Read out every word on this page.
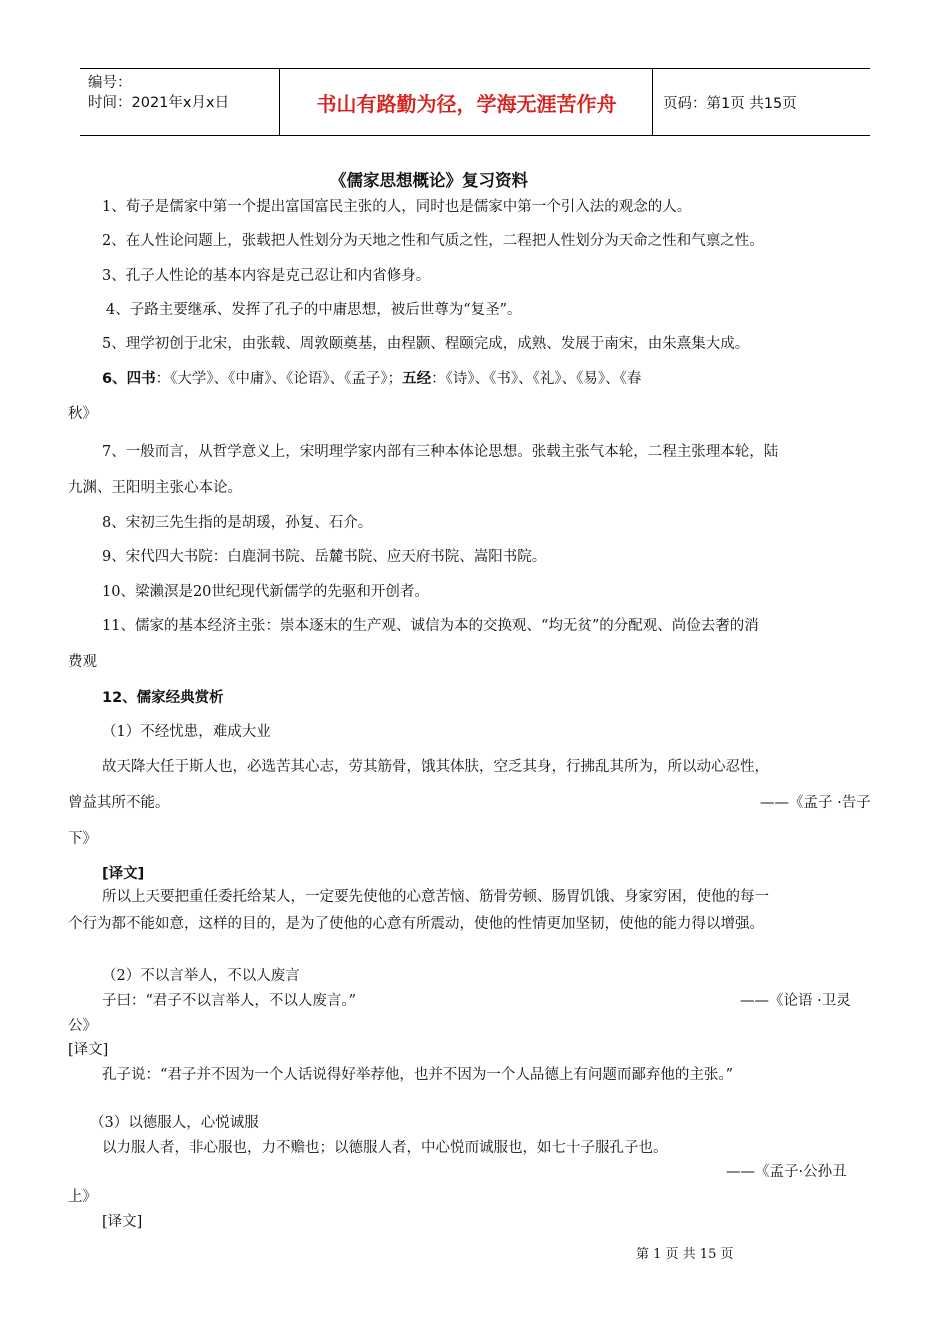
编号：
时间：2021年x月x日	书山有路勤为径，学海无涯苦作舟	页码：第1页 共15页
《儒家思想概论》复习资料
1、荀子是儒家中第一个提出富国富民主张的人，同时也是儒家中第一个引入法的观念的人。
2、在人性论问题上，张载把人性划分为天地之性和气质之性，二程把人性划分为天命之性和气禀之性。
3、孔子人性论的基本内容是克己忍让和内省修身。
4、子路主要继承、发挥了孔子的中庸思想，被后世尊为“复圣”。
5、理学初创于北宋，由张载、周敦颐奠基，由程颢、程颐完成，成熟、发展于南宋，由朱熹集大成。
6、四书：《大学》、《中庸》、《论语》、《孟子》；五经：《诗》、《书》、《礼》、《易》、《春
秋》
7、一般而言，从哲学意义上，宋明理学家内部有三种本体论思想。张载主张气本轮，二程主张理本轮，陆
九渊、王阳明主张心本论。
8、宋初三先生指的是胡瑗，孙复、石介。
9、宋代四大书院：白鹿洞书院、岳麓书院、应天府书院、嵩阳书院。
10、梁瀨溟是20世纪现代新儒学的先驱和开创者。
11、儒家的基本经济主张：崇本逐末的生产观、诚信为本的交换观、“均无贫”的分配观、尚俭去奢的消
费观
12、儒家经典赏析
（1）不经忧患，难成大业
故天降大任于斯人也，必选苦其心志，劳其筋骨，饿其体肤，空乏其身，行拂乱其所为，所以动心忍性，
曾益其所不能。	——《孟子 ·告子
下》
[译文]
所以上天要把重任委托给某人，一定要先使他的心意苦恼、筋骨劳顿、肠胃饥饿、身家穷困，使他的每一
个行为都不能如意，这样的目的，是为了使他的心意有所震动，使他的性情更加坚韧，使他的能力得以增强。
（2）不以言举人，不以人废言
子曰：“君子不以言举人，不以人废言。”	——《论语 ·卫灵
公》
[译文]
孔子说：“君子并不因为一个人话说得好举荐他，也并不因为一个人品德上有问题而鄙弃他的主张。”
（3）以德服人，心悦诚服
以力服人者，非心服也，力不赡也；以德服人者，中心悦而诚服也，如七十子服孔子也。
——《孟子·公孙丑
上》
[译文]
第 1 页 共 15 页
